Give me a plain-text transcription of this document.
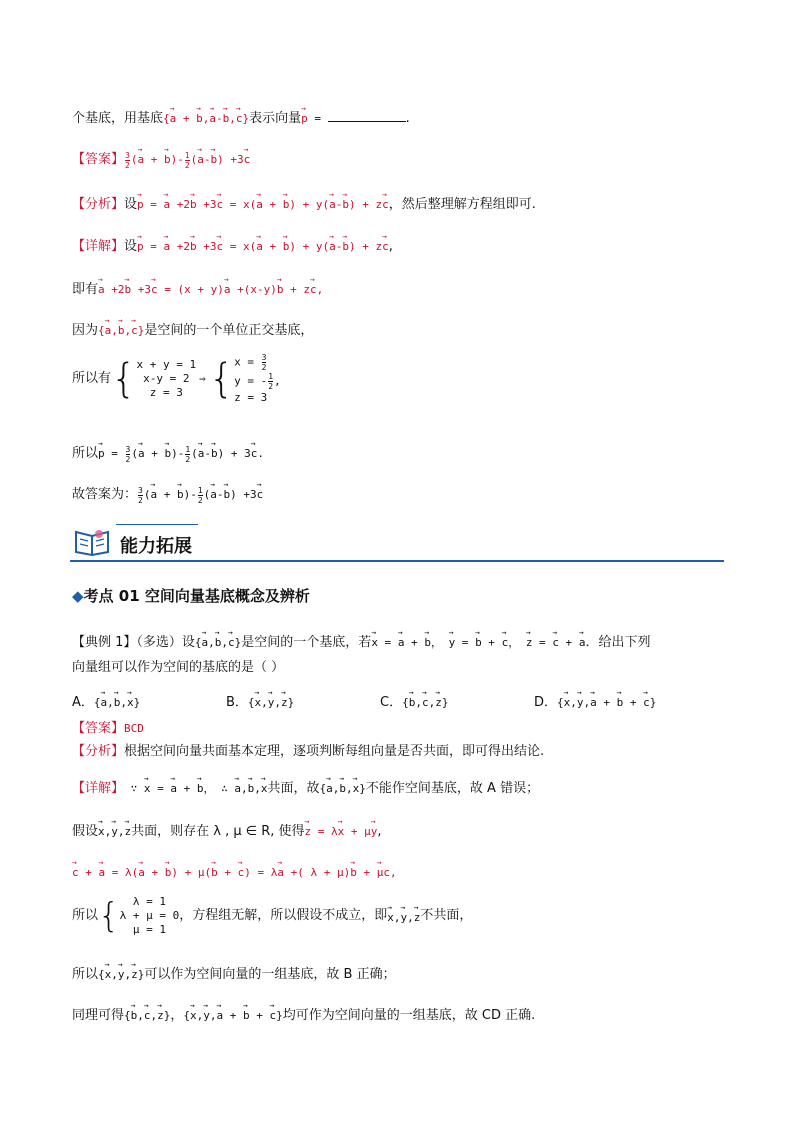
个基底，用基底{→ a + → b,→ a-→ b,→ c}表示向量→ p =	.
【答案】 $\frac{3}{2}$ (→ a + → $b)- \frac{1}{2}$ (→ a-→ b) +3→ c
【分析】设→ p = → a +2→ b +3→ c = x(→ a + → b) + y(→ a-→ b) + z→ c，然后整理解方程组即可.
【详解】设→ p = → a +2→ b +3→ c = x(→ a + → b) + y(→ a-→ b) + z→ c,
即有→ a +2→ b +3→ c = (x + y)→ a +(x-y)→ b + z→ c,
因为{→ a,→ b,→ c}是空间的一个单位正交基底，
所以有{ x + y = 1
x-y = 2
z = 3
⇒{ $x = \frac{3}{2}$
y = - $\frac{1}{2}$ ,
z = 3
所以→ $p = \frac{3}{2}$ (→ a + → $b)- \frac{1}{2}$ (→ a-→ b) + 3→ c.
故答案为： $\frac{3}{2}$ (→ a + → $b)- \frac{1}{2}$ (→ a-→ b) +3→ c
能力拓展
◆考点 01 空间向量基底概念及辨析
【典例 1】（多选）设{→ a,→ b,→ c}是空间的一个基底，若→ x = → a + → b， → y = → b + → c， → z = → c + → a．给出下列
向量组可以作为空间的基底的是（ ）
A．{→ a,→ b,→ x}	B．{→ x,→ y,→ z}	C．{→ b,→ c,→ z}	D．{→ x,→ y,→ a + → b + → c}
【答案】BCD
【分析】根据空间向量共面基本定理，逐项判断每组向量是否共面，即可得出结论.
【详解】 ∵ → x = → a + → b， ∴ → a,→ b,→ x共面，故{→ a,→ b,→ x}不能作空间基底，故 A 错误；
假设→ x,→ y,→ z共面，则存在 λ , μ ∈ R, 使得→ z = λ→ x + μ→ y,
→ c + → a = λ(→ a + → b) + μ(→ b + → c) = λ→ a +( λ + μ)→ b + → μc,
所以{ λ = 1
λ + μ = 0
μ = 1
，方程组无解，所以假设不成立，即→ x,→ y,→ z不共面，
所以{→ x,→ y,→ z}可以作为空间向量的一组基底，故 B 正确；
同理可得{→ b,→ c,→ z}，{→ x,→ y,→ a + → b + → c}均可作为空间向量的一组基底，故 CD 正确.
